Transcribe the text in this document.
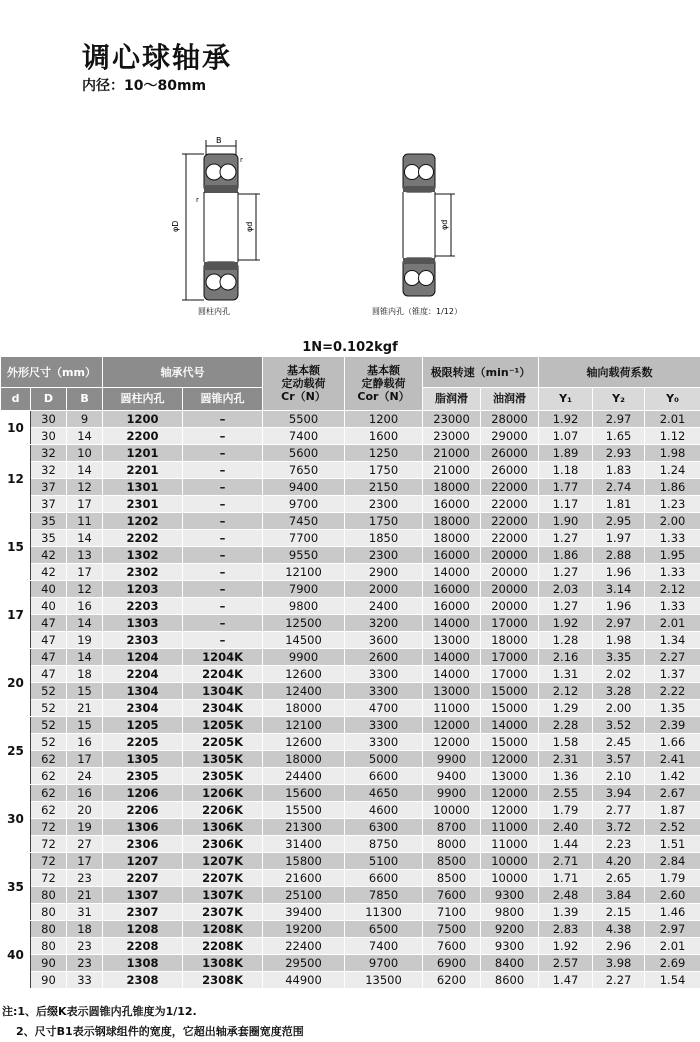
调心球轴承
内径：10～80mm
B
r
r
φD	φd
圆柱内孔
φd
圆锥内孔（锥度：1/12）
1N=0.102kgf
外形尺寸（mm）			轴承代号		基本额
定动载荷
Cr（N）	基本额
定静载荷
Cor（N）	极限转速（min⁻¹）		轴向载荷系数		
d	D	B	圆柱内孔	圆锥内孔			脂润滑	油润滑	Y₁	Y₂	Y₀
10	30	9	1200	–	5500	1200	23000	28000	1.92	2.97	2.01
	30	14	2200	–	7400	1600	23000	29000	1.07	1.65	1.12
12	32	10	1201	–	5600	1250	21000	26000	1.89	2.93	1.98
	32	14	2201	–	7650	1750	21000	26000	1.18	1.83	1.24
	37	12	1301	–	9400	2150	18000	22000	1.77	2.74	1.86
	37	17	2301	–	9700	2300	16000	22000	1.17	1.81	1.23
15	35	11	1202	–	7450	1750	18000	22000	1.90	2.95	2.00
	35	14	2202	–	7700	1850	18000	22000	1.27	1.97	1.33
	42	13	1302	–	9550	2300	16000	20000	1.86	2.88	1.95
	42	17	2302	–	12100	2900	14000	20000	1.27	1.96	1.33
17	40	12	1203	–	7900	2000	16000	20000	2.03	3.14	2.12
	40	16	2203	–	9800	2400	16000	20000	1.27	1.96	1.33
	47	14	1303	–	12500	3200	14000	17000	1.92	2.97	2.01
	47	19	2303	–	14500	3600	13000	18000	1.28	1.98	1.34
20	47	14	1204	1204K	9900	2600	14000	17000	2.16	3.35	2.27
	47	18	2204	2204K	12600	3300	14000	17000	1.31	2.02	1.37
	52	15	1304	1304K	12400	3300	13000	15000	2.12	3.28	2.22
	52	21	2304	2304K	18000	4700	11000	15000	1.29	2.00	1.35
25	52	15	1205	1205K	12100	3300	12000	14000	2.28	3.52	2.39
	52	16	2205	2205K	12600	3300	12000	15000	1.58	2.45	1.66
	62	17	1305	1305K	18000	5000	9900	12000	2.31	3.57	2.41
	62	24	2305	2305K	24400	6600	9400	13000	1.36	2.10	1.42
30	62	16	1206	1206K	15600	4650	9900	12000	2.55	3.94	2.67
	62	20	2206	2206K	15500	4600	10000	12000	1.79	2.77	1.87
	72	19	1306	1306K	21300	6300	8700	11000	2.40	3.72	2.52
	72	27	2306	2306K	31400	8750	8000	11000	1.44	2.23	1.51
35	72	17	1207	1207K	15800	5100	8500	10000	2.71	4.20	2.84
	72	23	2207	2207K	21600	6600	8500	10000	1.71	2.65	1.79
	80	21	1307	1307K	25100	7850	7600	9300	2.48	3.84	2.60
	80	31	2307	2307K	39400	11300	7100	9800	1.39	2.15	1.46
40	80	18	1208	1208K	19200	6500	7500	9200	2.83	4.38	2.97
	80	23	2208	2208K	22400	7400	7600	9300	1.92	2.96	2.01
	90	23	1308	1308K	29500	9700	6900	8400	2.57	3.98	2.69
	90	33	2308	2308K	44900	13500	6200	8600	1.47	2.27	1.54
注:1、后缀K表示圆锥内孔锥度为1/12.
2、尺寸B1表示钢球组件的宽度，它超出轴承套圈宽度范围
